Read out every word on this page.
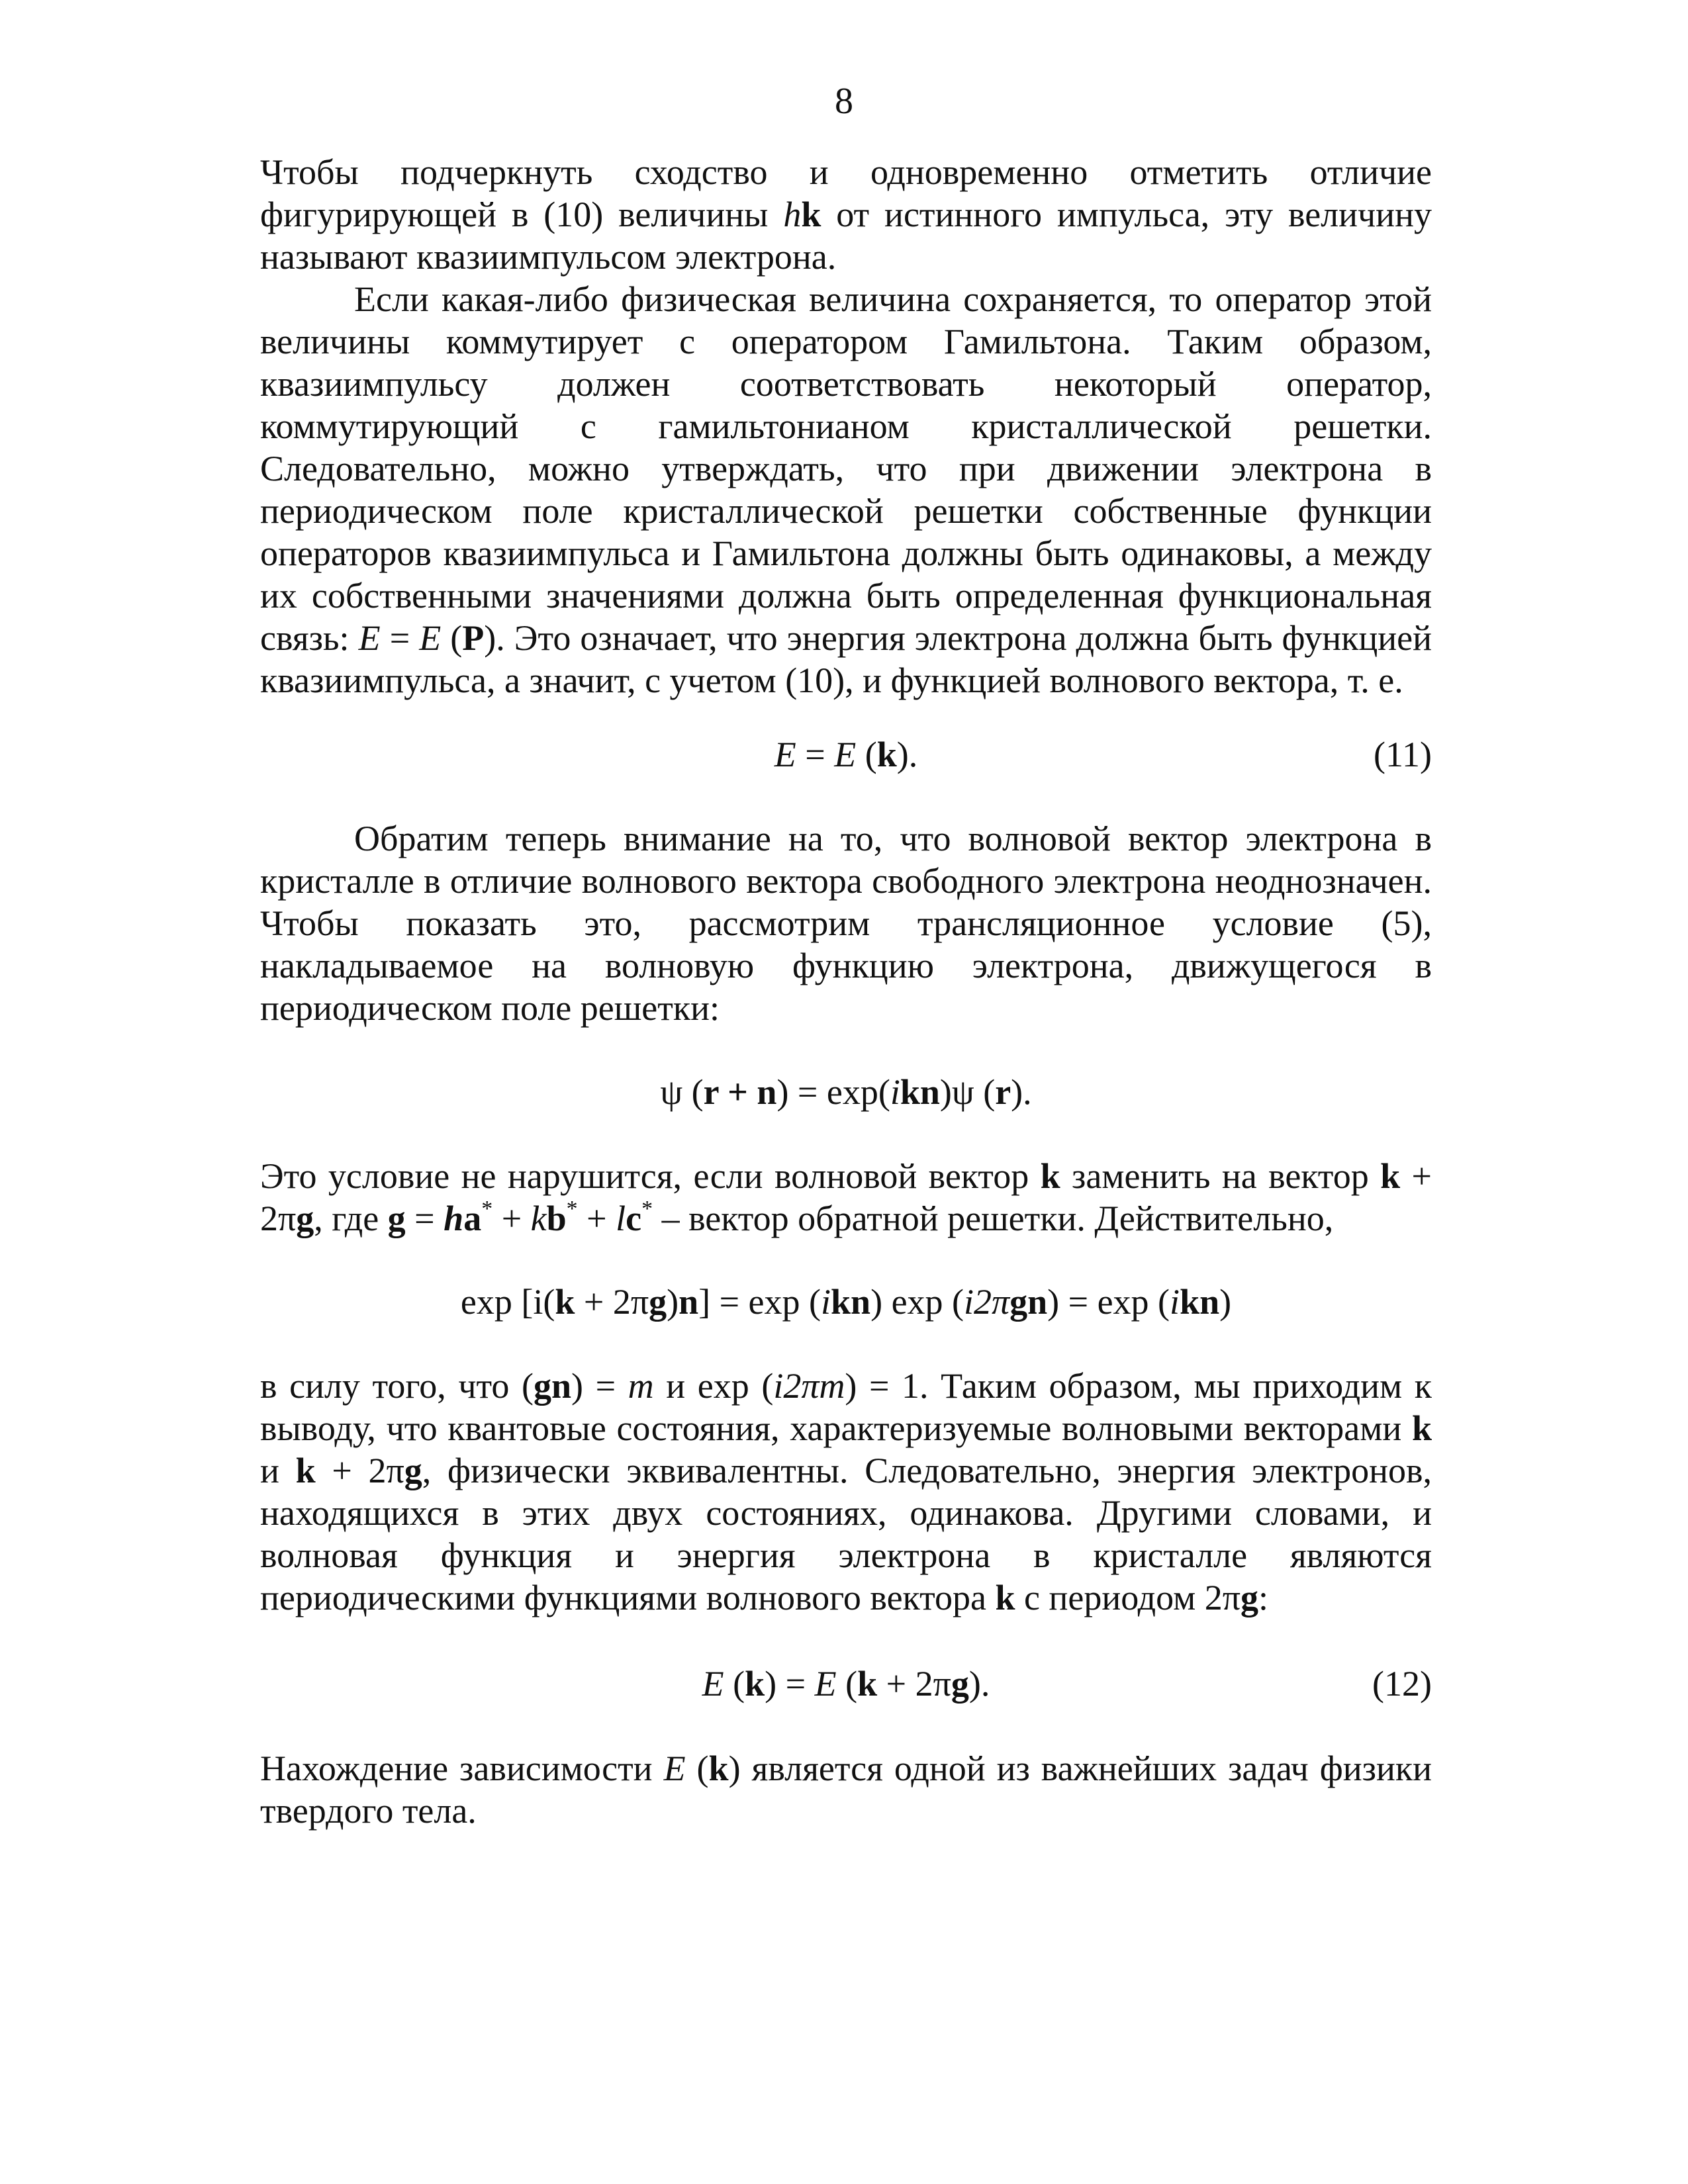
8
Чтобы подчеркнуть сходство и одновременно отметить отличие фигурирующей в (10) величины hk от истинного импульса, эту величину называют квазиимпульсом электрона.
Если какая-либо физическая величина сохраняется, то оператор этой величины коммутирует с оператором Гамильтона. Таким образом, квазиимпульсу должен соответствовать некоторый оператор, коммутирующий с гамильтонианом кристаллической решетки. Следовательно, можно утверждать, что при движении электрона в периодическом поле кристаллической решетки собственные функции операторов квазиимпульса и Гамильтона должны быть одинаковы, а между их собственными значениями должна быть определенная функциональная связь: E = E (P). Это означает, что энергия электрона должна быть функцией квазиимпульса, а значит, с учетом (10), и функцией волнового вектора, т. е.
E = E (k).	(11)
Обратим теперь внимание на то, что волновой вектор электрона в кристалле в отличие волнового вектора свободного электрона неоднозначен. Чтобы показать это, рассмотрим трансляционное условие (5), накладываемое на волновую функцию электрона, движущегося в периодическом поле решетки:
ψ (r + n) = exp(ikn)ψ (r).
Это условие не нарушится, если волновой вектор k заменить на вектор k + 2πg, где g = ha* + kb* + lc* – вектор обратной решетки. Действительно,
exp [i(k + 2πg)n] = exp (ikn) exp (i2πgn) = exp (ikn)
в силу того, что (gn) = m и exp (i2πm) = 1. Таким образом, мы приходим к выводу, что квантовые состояния, характеризуемые волновыми векторами k и k + 2πg, физически эквивалентны. Следовательно, энергия электронов, находящихся в этих двух состояниях, одинакова. Другими словами, и волновая функция и энергия электрона в кристалле являются периодическими функциями волнового вектора k с периодом 2πg:
E (k) = E (k + 2πg).	(12)
Нахождение зависимости E (k) является одной из важнейших задач физики твердого тела.
